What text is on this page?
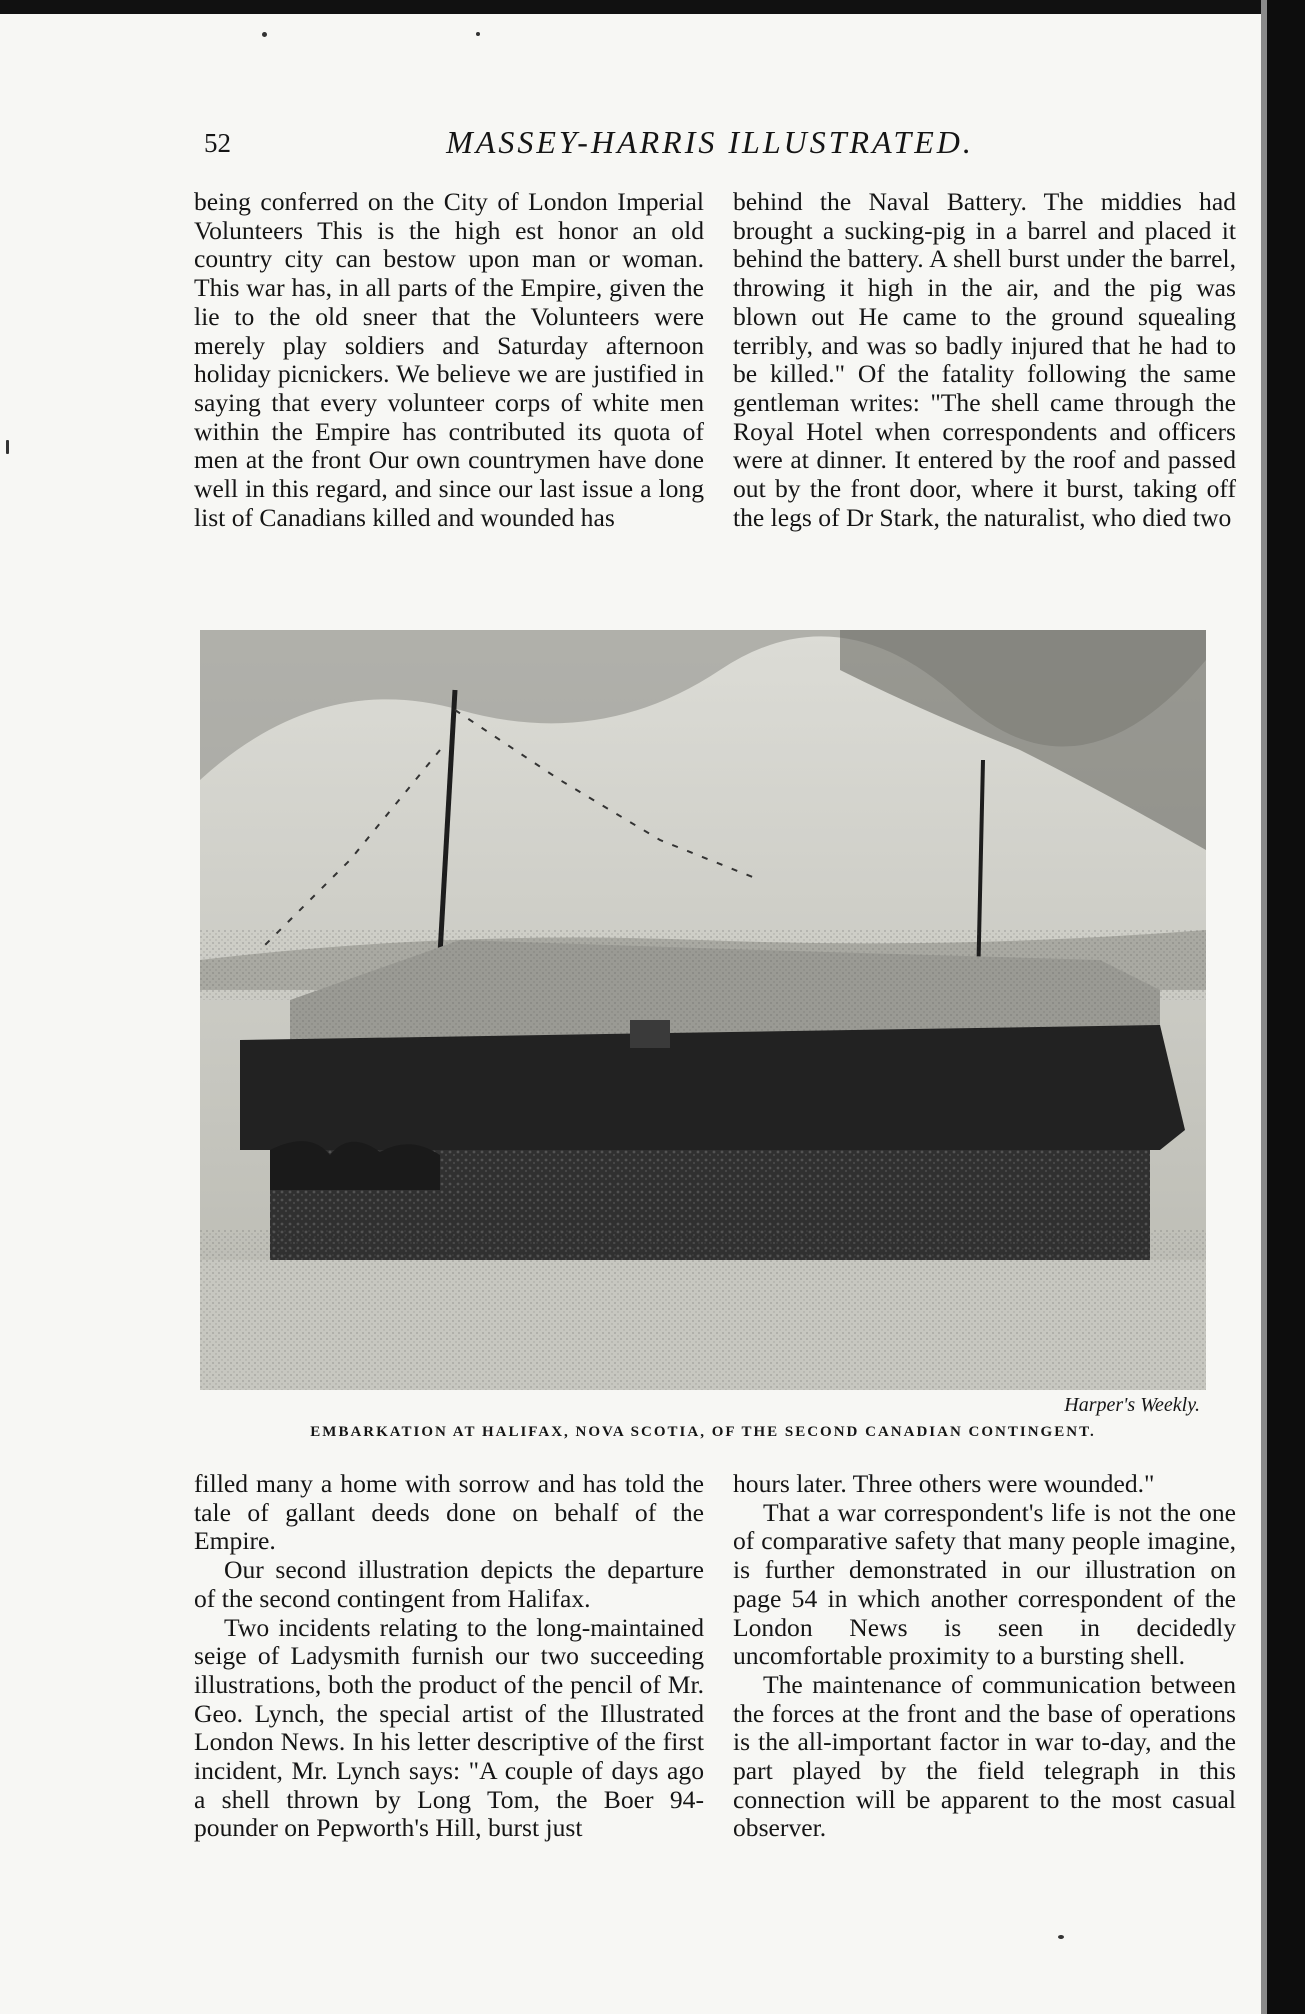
52	MASSEY-HARRIS ILLUSTRATED.

being conferred on the City of London Imperial Volunteers This is the high est honor an old country city can bestow upon man or woman. This war has, in all parts of the Empire, given the lie to the old sneer that the Volunteers were merely play soldiers and Saturday afternoon holiday picnickers. We believe we are justified in saying that every volunteer corps of white men within the Empire has contributed its quota of men at the front Our own countrymen have done well in this regard, and since our last issue a long list of Canadians killed and wounded has

behind the Naval Battery. The middies had brought a sucking-pig in a barrel and placed it behind the battery. A shell burst under the barrel, throwing it high in the air, and the pig was blown out He came to the ground squealing terribly, and was so badly injured that he had to be killed." Of the fatality following the same gentleman writes: "The shell came through the Royal Hotel when correspondents and officers were at dinner. It entered by the roof and passed out by the front door, where it burst, taking off the legs of Dr Stark, the naturalist, who died two

Harper's Weekly.
EMBARKATION AT HALIFAX, NOVA SCOTIA, OF THE SECOND CANADIAN CONTINGENT.

filled many a home with sorrow and has told the tale of gallant deeds done on behalf of the Empire.

Our second illustration depicts the departure of the second contingent from Halifax.

Two incidents relating to the long-maintained seige of Ladysmith furnish our two succeeding illustrations, both the product of the pencil of Mr. Geo. Lynch, the special artist of the Illustrated London News. In his letter descriptive of the first incident, Mr. Lynch says: "A couple of days ago a shell thrown by Long Tom, the Boer 94-pounder on Pepworth's Hill, burst just

hours later. Three others were wounded."

That a war correspondent's life is not the one of comparative safety that many people imagine, is further demonstrated in our illustration on page 54 in which another correspondent of the London News is seen in decidedly uncomfortable proximity to a bursting shell.

The maintenance of communication between the forces at the front and the base of operations is the all-important factor in war to-day, and the part played by the field telegraph in this connection will be apparent to the most casual observer.
